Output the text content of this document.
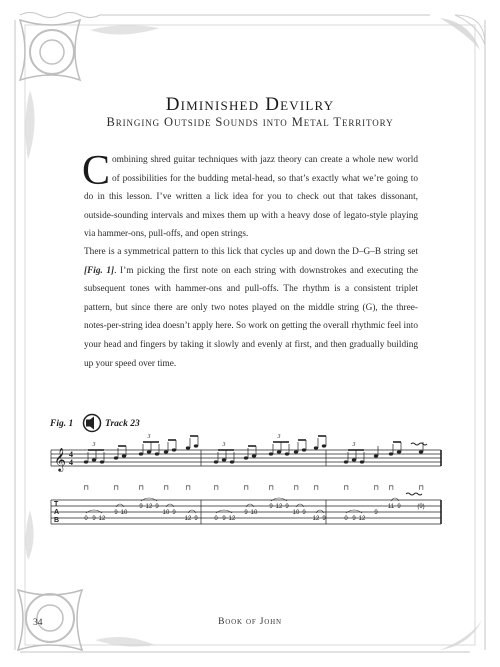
Diminished Devilry
Bringing Outside Sounds into Metal Territory
Combining shred guitar techniques with jazz theory can create a whole new world of possibilities for the budding metal-head, so that’s exactly what we’re going to do in this lesson. I’ve written a lick idea for you to check out that takes dissonant, outside-sounding intervals and mixes them up with a heavy dose of legato-style playing via hammer-ons, pull-offs, and open strings.
There is a symmetrical pattern to this lick that cycles up and down the D–G–B string set [Fig. 1]. I’m picking the first note on each string with downstrokes and executing the subsequent tones with hammer-ons and pull-offs. The rhythm is a consistent triplet pattern, but since there are only two notes played on the middle string (G), the three-notes-per-string idea doesn’t apply here. So work on getting the overall rhythmic feel into your head and fingers by taking it slowly and evenly at first, and then gradually building up your speed over time.
Fig. 1	Track 23
𝄞 4
4
T
A
B
3
⊓	⊓
3
⊓	⊓ ⊓
3
⊓	⊓
3
⊓	⊓ ⊓
3
⊓	⊓ ⊓	⊓
0 9 12
9 10
9 12 9
10 9
12 9	0 9 12
9 10
9 12 9
10 9
12 9	0 9 12
9
11 9	(9)
34	Book of John
